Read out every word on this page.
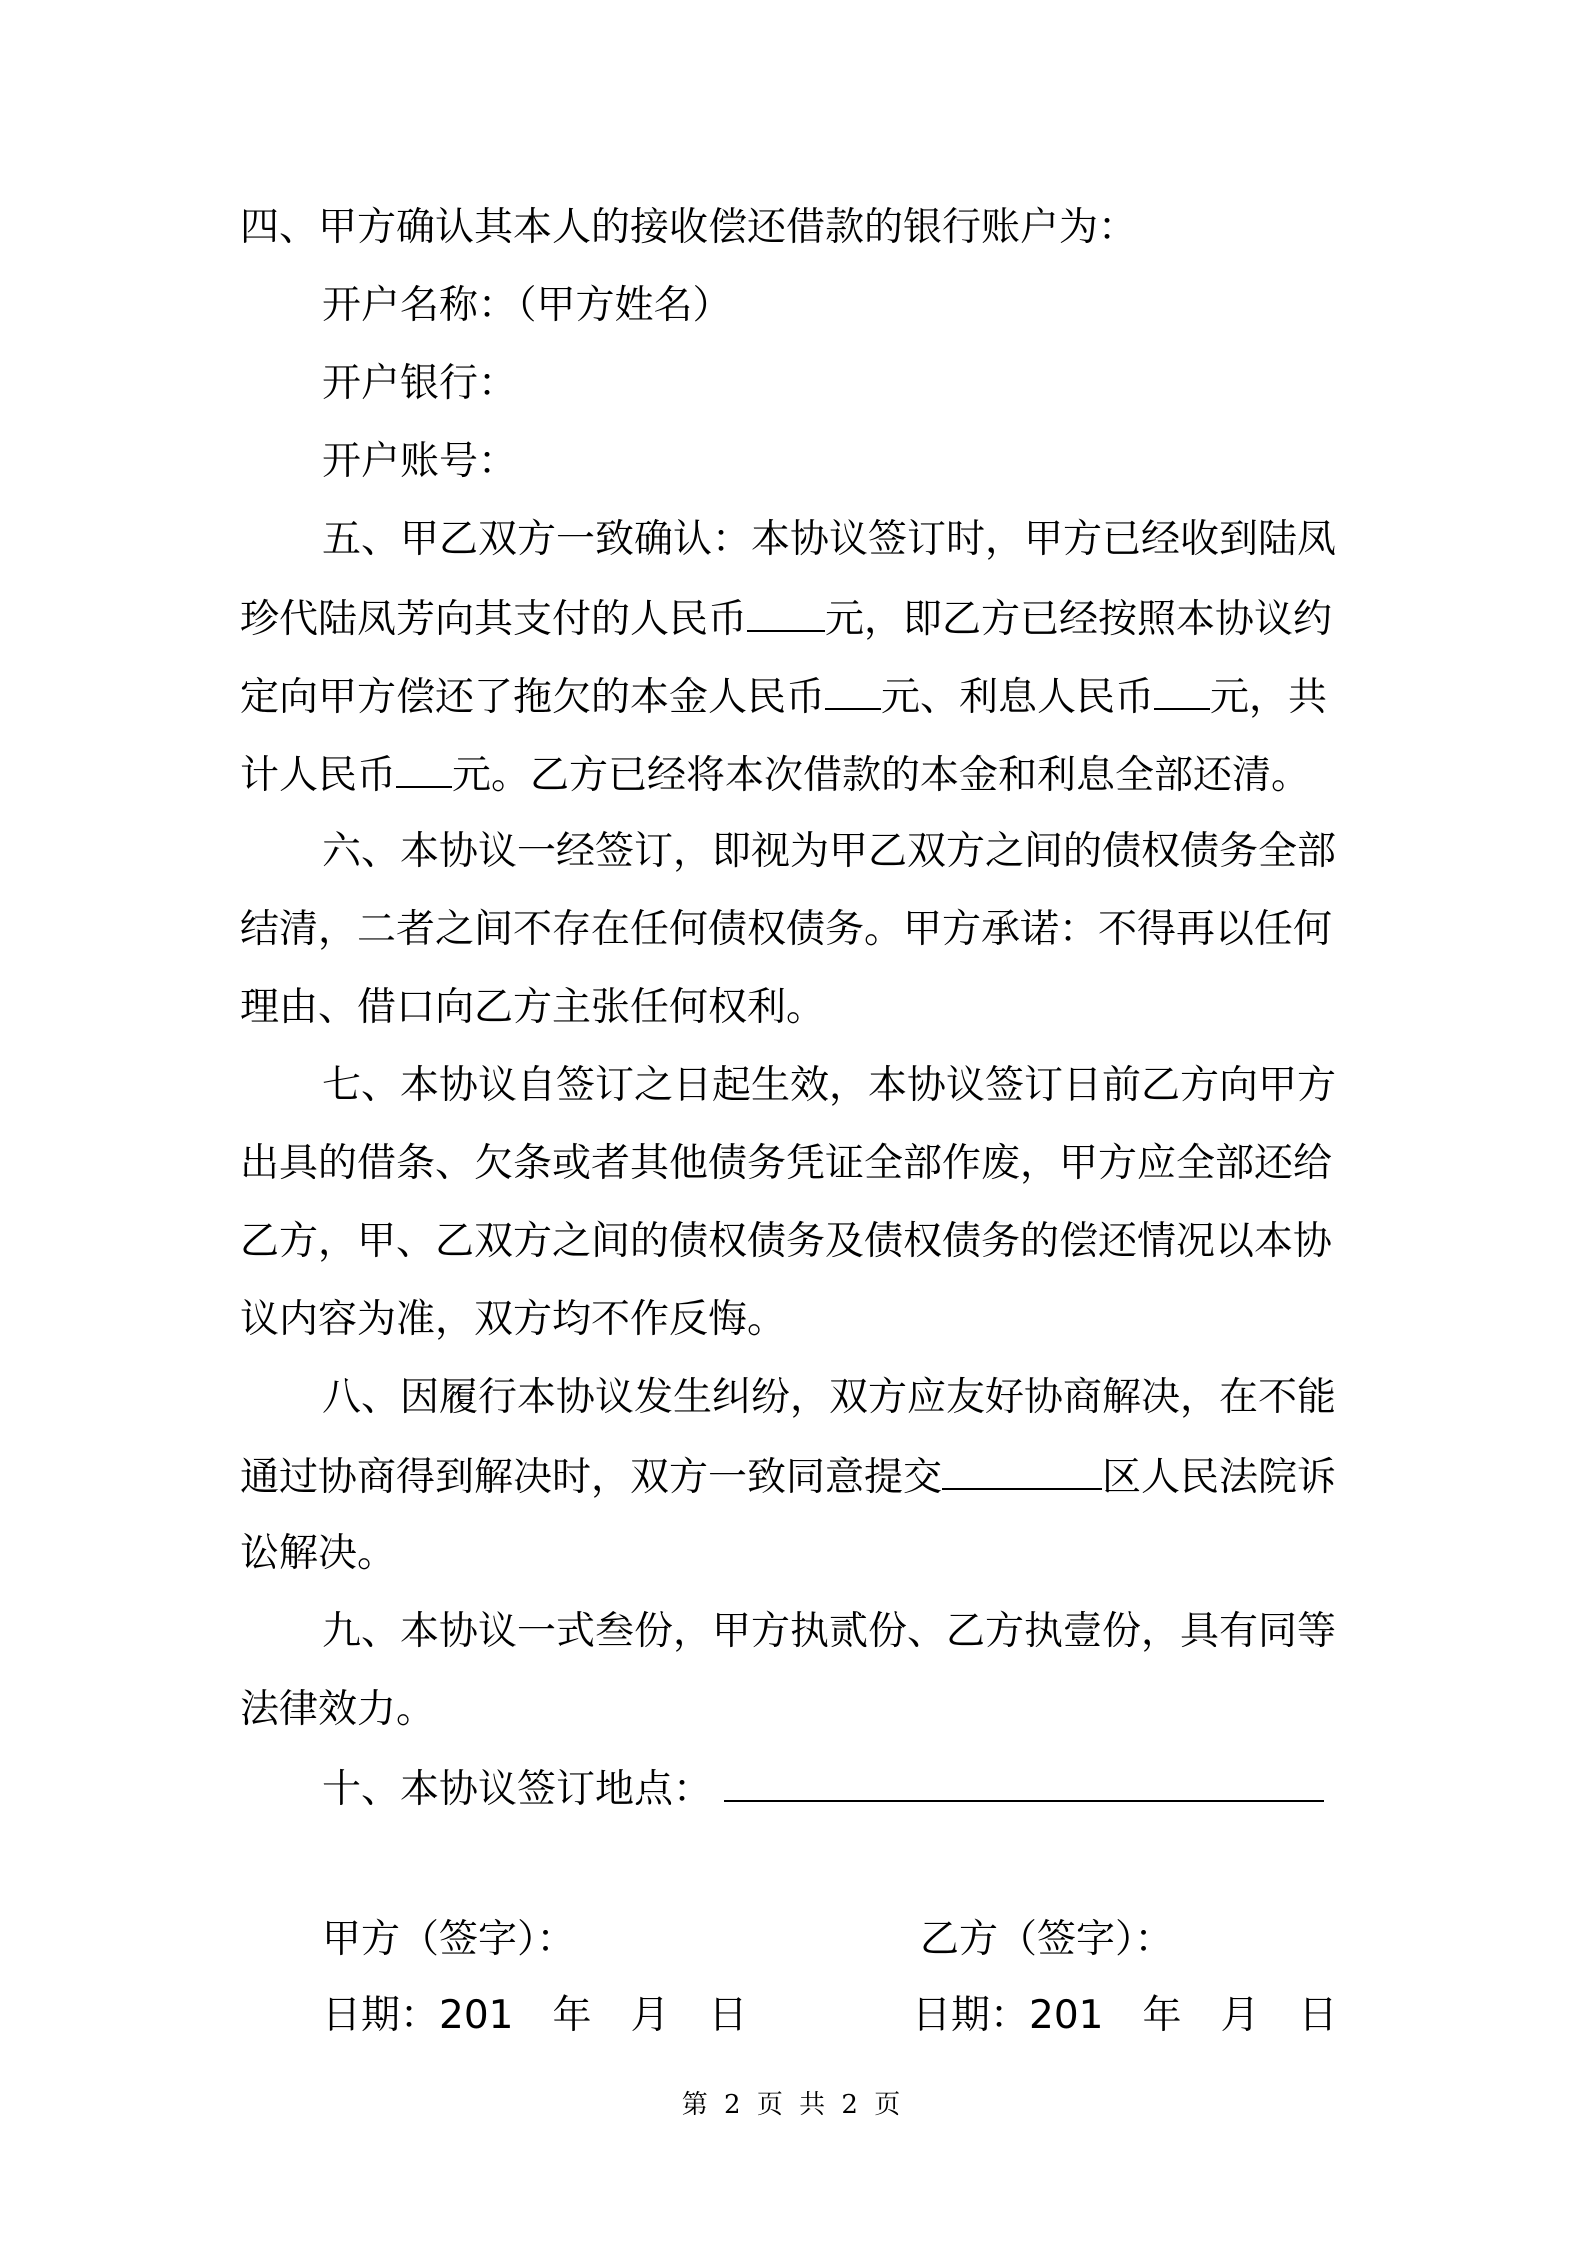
四、甲方确认其本人的接收偿还借款的银行账户为：
开户名称：（甲方姓名）
开户银行：
开户账号：
五、甲乙双方一致确认：本协议签订时，甲方已经收到陆凤
珍代陆凤芳向其支付的人民币 元，即乙方已经按照本协议约
定向甲方偿还了拖欠的本金人民币 元、利息人民币 元，共
计人民币 元。乙方已经将本次借款的本金和利息全部还清。
六、本协议一经签订，即视为甲乙双方之间的债权债务全部
结清，二者之间不存在任何债权债务。甲方承诺：不得再以任何
理由、借口向乙方主张任何权利。
七、本协议自签订之日起生效，本协议签订日前乙方向甲方
出具的借条、欠条或者其他债务凭证全部作废，甲方应全部还给
乙方，甲、乙双方之间的债权债务及债权债务的偿还情况以本协
议内容为准，双方均不作反悔。
八、因履行本协议发生纠纷，双方应友好协商解决，在不能
通过协商得到解决时，双方一致同意提交	区人民法院诉
讼解决。
九、本协议一式叁份，甲方执贰份、乙方执壹份，具有同等
法律效力。
十、本协议签订地点：
甲方（签字）：	乙方（签字）：
日期：201　年　月　日	日期：201　年　月　日
第 2 页 共 2 页
